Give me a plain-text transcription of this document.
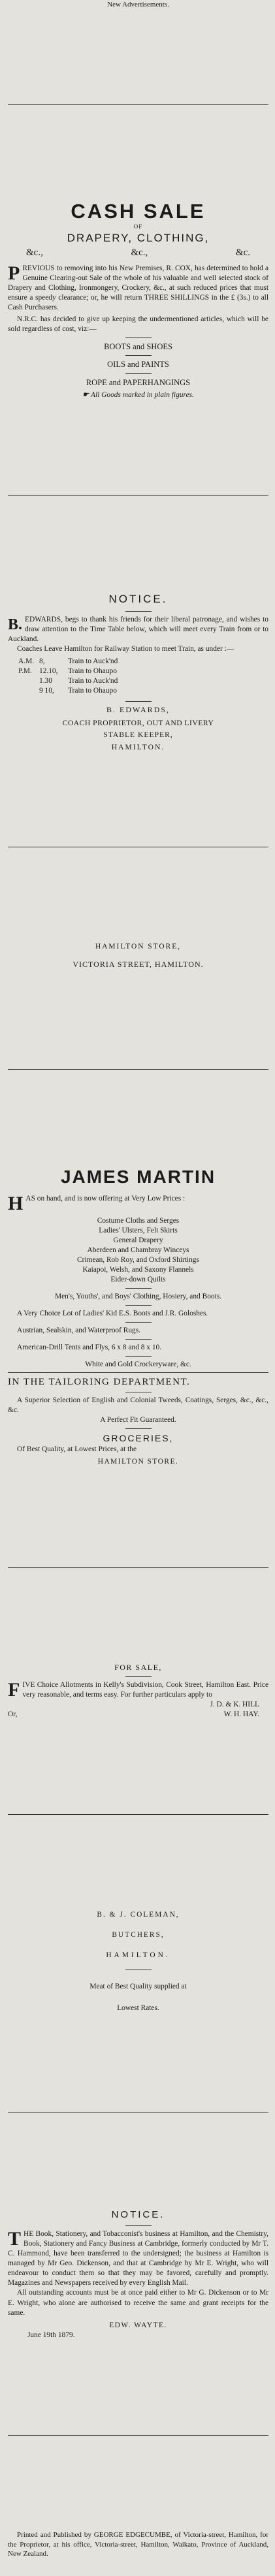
New Advertisements.
CASH SALE
OF
DRAPERY, CLOTHING,
&c.,	&c.,	&c.

PREVIOUS to removing into his New Premises, R. COX, has determined to hold a Genuine Clearing-out Sale of the whole of his valuable and well selected stock of Drapery and Clothing, Ironmongery, Crockery, &c., at such reduced prices that must ensure a speedy clearance; or, he will return THREE SHILLINGS in the £ (3s.) to all Cash Purchasers.

N.R.C. has decided to give up keeping the undermentioned articles, which will be sold regardless of cost, viz:—

BOOTS and SHOES
OILS and PAINTS
ROPE and PAPERHANGINGS
☛ All Goods marked in plain figures.
NOTICE.

B. EDWARDS, begs to thank his friends for their liberal patronage, and wishes to draw attention to the Time Table below, which will meet every Train from or to Auckland.

Coaches Leave Hamilton for Railway Station to meet Train, as under :—

A.M. 8,	Train to Auck'nd
P.M. 12.10,	Train to Ohaupo
1.30	Train to Auck'nd
9 10,	Train to Ohaupo
B. EDWARDS,
COACH PROPRIETOR, OUT AND LIVERY
STABLE KEEPER,
HAMILTON.
HAMILTON STORE,
VICTORIA STREET, HAMILTON.
JAMES MARTIN

HAS on hand, and is now offering at Very Low Prices :

Costume Cloths and Serges
Ladies' Ulsters, Felt Skirts
General Drapery
Aberdeen and Chambray Winceys
Crimean, Rob Roy, and Oxford Shirtings
Kaiapoi, Welsh, and Saxony Flannels
Eider-down Quilts
Men's, Youths', and Boys' Clothing, Hosiery, and Boots.

A Very Choice Lot of Ladies' Kid E.S. Boots and J.R. Goloshes.

Austrian, Sealskin, and Waterproof Rugs.

American-Drill Tents and Flys, 6 x 8 and 8 x 10.

White and Gold Crockeryware, &c.
IN THE TAILORING DEPARTMENT.

A Superior Selection of English and Colonial Tweeds, Coatings, Serges, &c., &c., &c.

A Perfect Fit Guaranteed.
GROCERIES,

Of Best Quality, at Lowest Prices, at the

HAMILTON STORE.
FOR SALE,

FIVE Choice Allotments in Kelly's Subdivision, Cook Street, Hamilton East. Price very reasonable, and terms easy. For further particulars apply to

J. D. & K. HILL
Or,	W. H. HAY.
B. & J. COLEMAN,
BUTCHERS,
HAMILTON.
Meat of Best Quality supplied at
Lowest Rates.
NOTICE.

THE Book, Stationery, and Tobacconist's business at Hamilton, and the Chemistry, Book, Stationery and Fancy Business at Cambridge, formerly conducted by Mr T. C. Hammond, have been transferred to the undersigned; the business at Hamilton is managed by Mr Geo. Dickenson, and that at Cambridge by Mr E. Wright, who will endeavour to conduct them so that they may be favored, carefully and promptly. Magazines and Newspapers received by every English Mail.

All outstanding accounts must be at once paid either to Mr G. Dickenson or to Mr E. Wright, who alone are authorised to receive the same and grant receipts for the same.

EDW. WAYTE.
June 19th 1879.

Printed and Published by GEORGE EDGECUMBE, of Victoria-street, Hamilton, for the Proprietor, at his office, Victoria-street, Hamilton, Waikato, Province of Auckland, New Zealand.
